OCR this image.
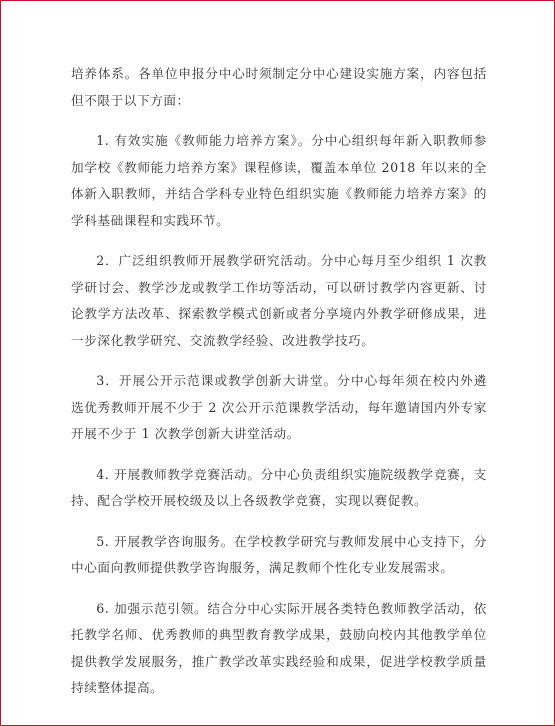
培养体系。各单位申报分中心时须制定分中心建设实施方案，内容包括但不限于以下方面：

1. 有效实施《教师能力培养方案》。分中心组织每年新入职教师参加学校《教师能力培养方案》课程修读，覆盖本单位 2018 年以来的全体新入职教师，并结合学科专业特色组织实施《教师能力培养方案》的学科基础课程和实践环节。

2．广泛组织教师开展教学研究活动。分中心每月至少组织 1 次教学研讨会、教学沙龙或教学工作坊等活动，可以研讨教学内容更新、讨论教学方法改革、探索教学模式创新或者分享境内外教学研修成果，进一步深化教学研究、交流教学经验、改进教学技巧。

3．开展公开示范课或教学创新大讲堂。分中心每年须在校内外遴选优秀教师开展不少于 2 次公开示范课教学活动，每年邀请国内外专家开展不少于 1 次教学创新大讲堂活动。

4. 开展教师教学竞赛活动。分中心负责组织实施院级教学竞赛，支持、配合学校开展校级及以上各级教学竞赛，实现以赛促教。

5. 开展教学咨询服务。在学校教学研究与教师发展中心支持下，分中心面向教师提供教学咨询服务，满足教师个性化专业发展需求。

6. 加强示范引领。结合分中心实际开展各类特色教师教学活动，依托教学名师、优秀教师的典型教育教学成果，鼓励向校内其他教学单位提供教学发展服务，推广教学改革实践经验和成果，促进学校教学质量持续整体提高。
